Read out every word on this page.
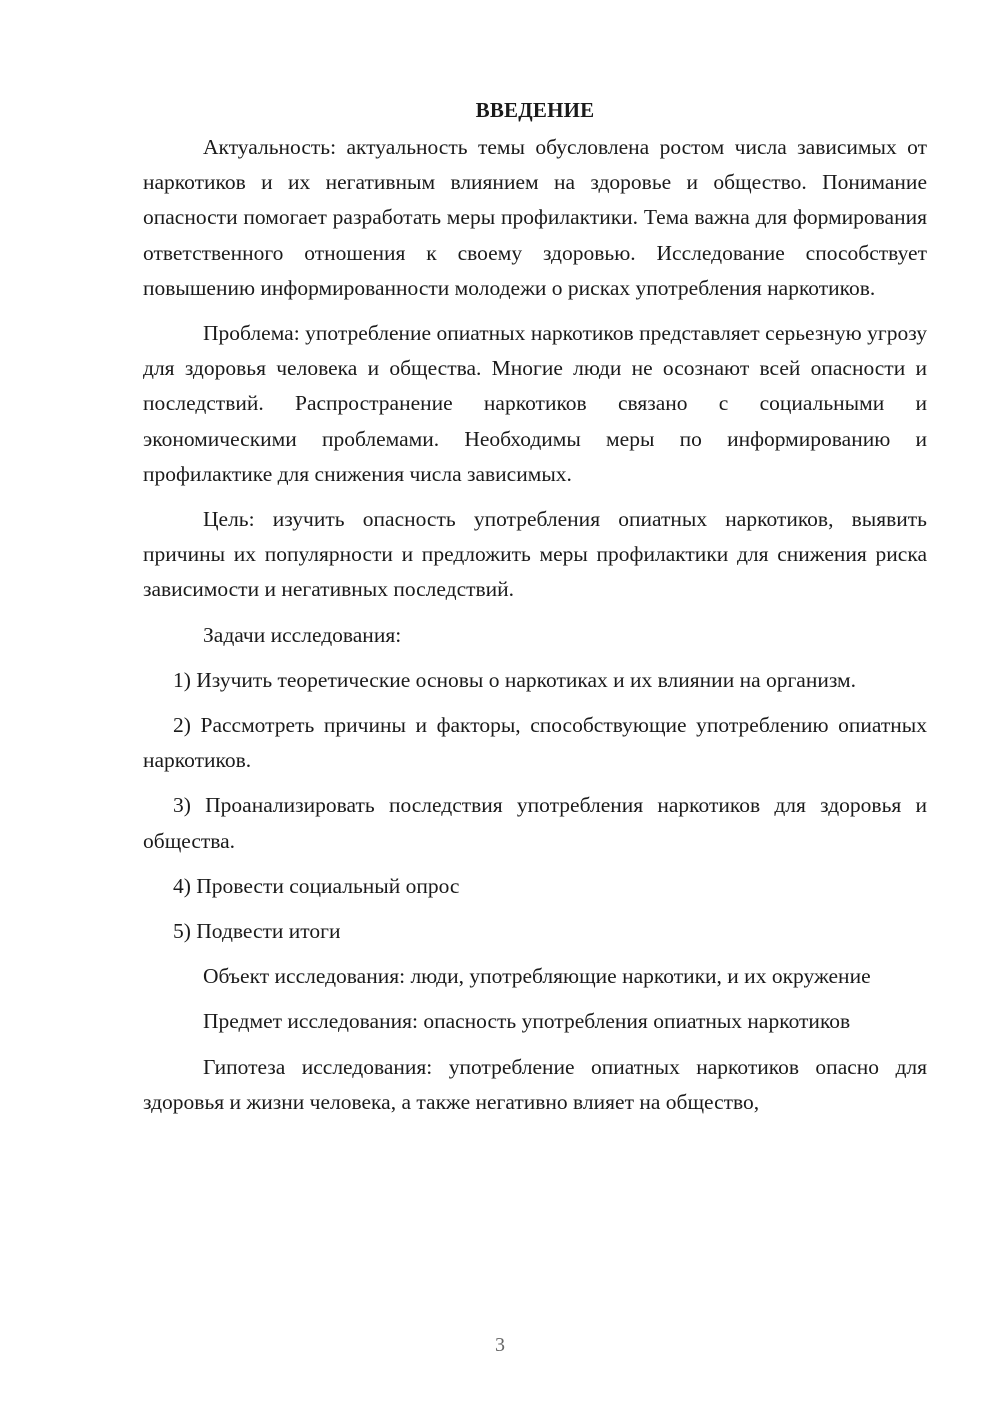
ВВЕДЕНИЕ

Актуальность: актуальность темы обусловлена ростом числа зависимых от наркотиков и их негативным влиянием на здоровье и общество. Понимание опасности помогает разработать меры профилактики. Тема важна для формирования ответственного отношения к своему здоровью. Исследование способствует повышению информированности молодежи о рисках употребления наркотиков.

Проблема: употребление опиатных наркотиков представляет серьезную угрозу для здоровья человека и общества. Многие люди не осознают всей опасности и последствий. Распространение наркотиков связано с социальными и экономическими проблемами. Необходимы меры по информированию и профилактике для снижения числа зависимых.

Цель: изучить опасность употребления опиатных наркотиков, выявить причины их популярности и предложить меры профилактики для снижения риска зависимости и негативных последствий.

Задачи исследования:

1) Изучить теоретические основы о наркотиках и их влиянии на организм.

2) Рассмотреть причины и факторы, способствующие употреблению опиатных наркотиков.

3) Проанализировать последствия употребления наркотиков для здоровья и общества.

4) Провести социальный опрос

5) Подвести итоги

Объект исследования: люди, употребляющие наркотики, и их окружение

Предмет исследования: опасность употребления опиатных наркотиков

Гипотеза исследования: употребление опиатных наркотиков опасно для здоровья и жизни человека, а также негативно влияет на общество,

3
